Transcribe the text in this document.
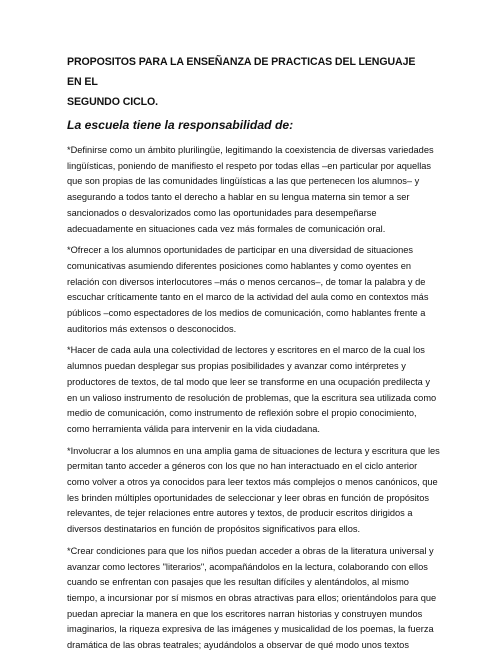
PROPOSITOS PARA LA ENSEÑANZA DE PRACTICAS DEL LENGUAJE EN EL
SEGUNDO CICLO.
La escuela tiene la responsabilidad de:
*Definirse como un ámbito plurilingüe, legitimando la coexistencia de diversas variedades
lingüísticas, poniendo de manifiesto el respeto por todas ellas –en particular por aquellas
que son propias de las comunidades lingüísticas a las que pertenecen los alumnos– y
asegurando a todos tanto el derecho a hablar en su lengua materna sin temor a ser
sancionados o desvalorizados como las oportunidades para desempeñarse
adecuadamente en situaciones cada vez más formales de comunicación oral.
*Ofrecer a los alumnos oportunidades de participar en una diversidad de situaciones
comunicativas asumiendo diferentes posiciones como hablantes y como oyentes en
relación con diversos interlocutores –más o menos cercanos–, de tomar la palabra y de
escuchar críticamente tanto en el marco de la actividad del aula como en contextos más
públicos –como espectadores de los medios de comunicación, como hablantes frente a
auditorios más extensos o desconocidos.
*Hacer de cada aula una colectividad de lectores y escritores en el marco de la cual los
alumnos puedan desplegar sus propias posibilidades y avanzar como intérpretes y
productores de textos, de tal modo que leer se transforme en una ocupación predilecta y
en un valioso instrumento de resolución de problemas, que la escritura sea utilizada como
medio de comunicación, como instrumento de reflexión sobre el propio conocimiento,
como herramienta válida para intervenir en la vida ciudadana.
*Involucrar a los alumnos en una amplia gama de situaciones de lectura y escritura que les
permitan tanto acceder a géneros con los que no han interactuado en el ciclo anterior
como volver a otros ya conocidos para leer textos más complejos o menos canónicos, que
les brinden múltiples oportunidades de seleccionar y leer obras en función de propósitos
relevantes, de tejer relaciones entre autores y textos, de producir escritos dirigidos a
diversos destinatarios en función de propósitos significativos para ellos.
*Crear condiciones para que los niños puedan acceder a obras de la literatura universal y
avanzar como lectores "literarios", acompañándolos en la lectura, colaborando con ellos
cuando se enfrentan con pasajes que les resultan difíciles y alentándolos, al mismo
tiempo, a incursionar por sí mismos en obras atractivas para ellos; orientándolos para que
puedan apreciar la manera en que los escritores narran historias y construyen mundos
imaginarios, la riqueza expresiva de las imágenes y musicalidad de los poemas, la fuerza
dramática de las obras teatrales; ayudándolos a observar de qué modo unos textos
